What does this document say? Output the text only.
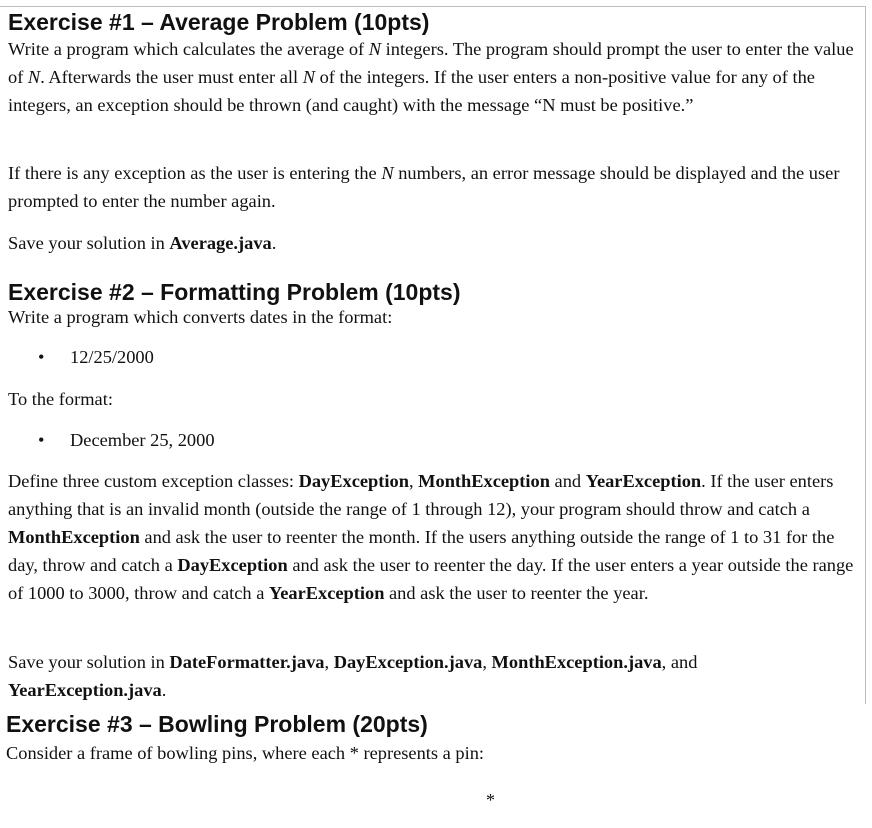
Exercise #1 – Average Problem (10pts)

Write a program which calculates the average of N integers. The program should prompt the user to enter the value of N. Afterwards the user must enter all N of the integers. If the user enters a non-positive value for any of the integers, an exception should be thrown (and caught) with the message “N must be positive.”

If there is any exception as the user is entering the N numbers, an error message should be displayed and the user prompted to enter the number again.

Save your solution in Average.java.

Exercise #2 – Formatting Problem (10pts)

Write a program which converts dates in the format:

• 12/25/2000

To the format:

• December 25, 2000

Define three custom exception classes: DayException, MonthException and YearException. If the user enters anything that is an invalid month (outside the range of 1 through 12), your program should throw and catch a MonthException and ask the user to reenter the month. If the users anything outside the range of 1 to 31 for the day, throw and catch a DayException and ask the user to reenter the day. If the user enters a year outside the range of 1000 to 3000, throw and catch a YearException and ask the user to reenter the year.

Save your solution in DateFormatter.java, DayException.java, MonthException.java, and YearException.java.

Exercise #3 – Bowling Problem (20pts)

Consider a frame of bowling pins, where each * represents a pin:

*
